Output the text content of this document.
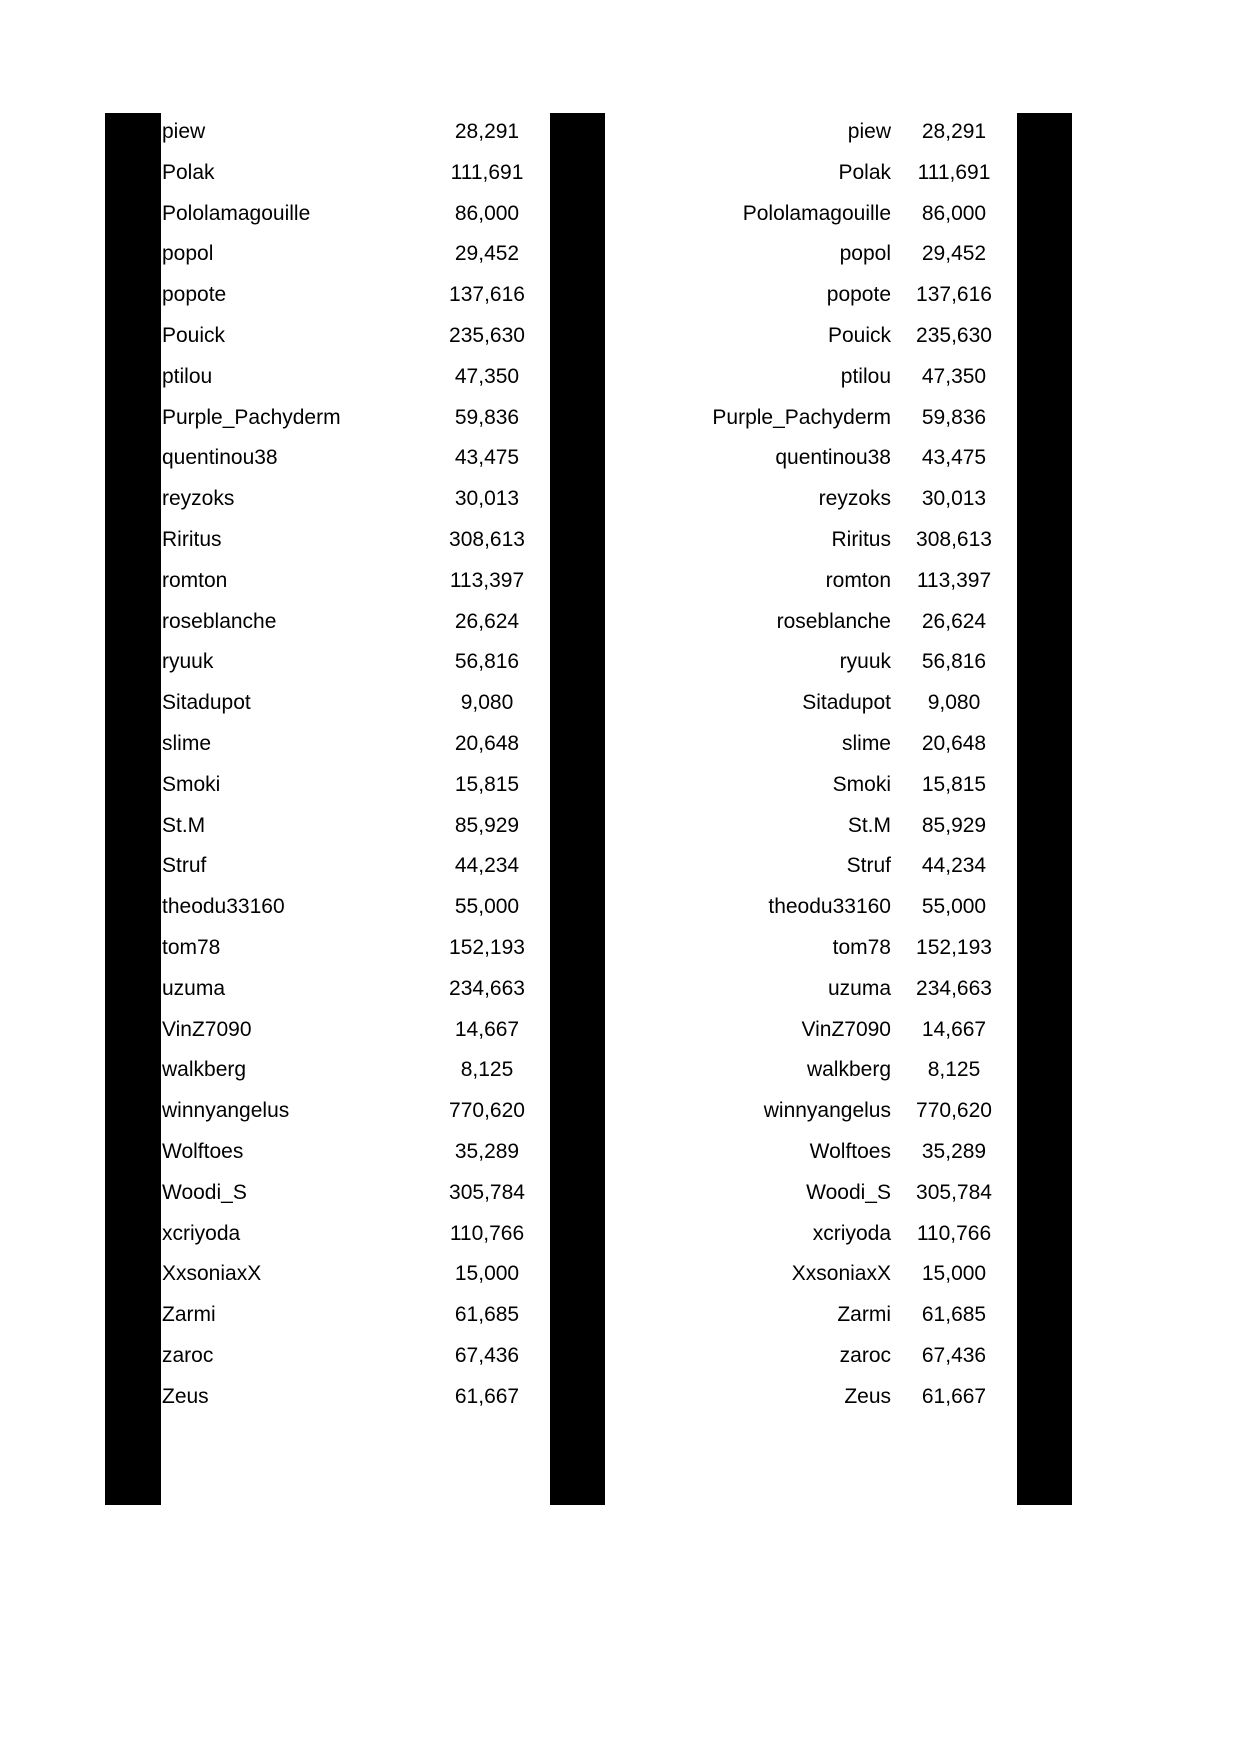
piew	28,291	piew	28,291
Polak	111,691	Polak	111,691
Pololamagouille	86,000	Pololamagouille	86,000
popol	29,452	popol	29,452
popote	137,616	popote	137,616
Pouick	235,630	Pouick	235,630
ptilou	47,350	ptilou	47,350
Purple_Pachyderm	59,836	Purple_Pachyderm	59,836
quentinou38	43,475	quentinou38	43,475
reyzoks	30,013	reyzoks	30,013
Riritus	308,613	Riritus	308,613
romton	113,397	romton	113,397
roseblanche	26,624	roseblanche	26,624
ryuuk	56,816	ryuuk	56,816
Sitadupot	9,080	Sitadupot	9,080
slime	20,648	slime	20,648
Smoki	15,815	Smoki	15,815
St.M	85,929	St.M	85,929
Struf	44,234	Struf	44,234
theodu33160	55,000	theodu33160	55,000
tom78	152,193	tom78	152,193
uzuma	234,663	uzuma	234,663
VinZ7090	14,667	VinZ7090	14,667
walkberg	8,125	walkberg	8,125
winnyangelus	770,620	winnyangelus	770,620
Wolftoes	35,289	Wolftoes	35,289
Woodi_S	305,784	Woodi_S	305,784
xcriyoda	110,766	xcriyoda	110,766
XxsoniaxX	15,000	XxsoniaxX	15,000
Zarmi	61,685	Zarmi	61,685
zaroc	67,436	zaroc	67,436
Zeus	61,667	Zeus	61,667
